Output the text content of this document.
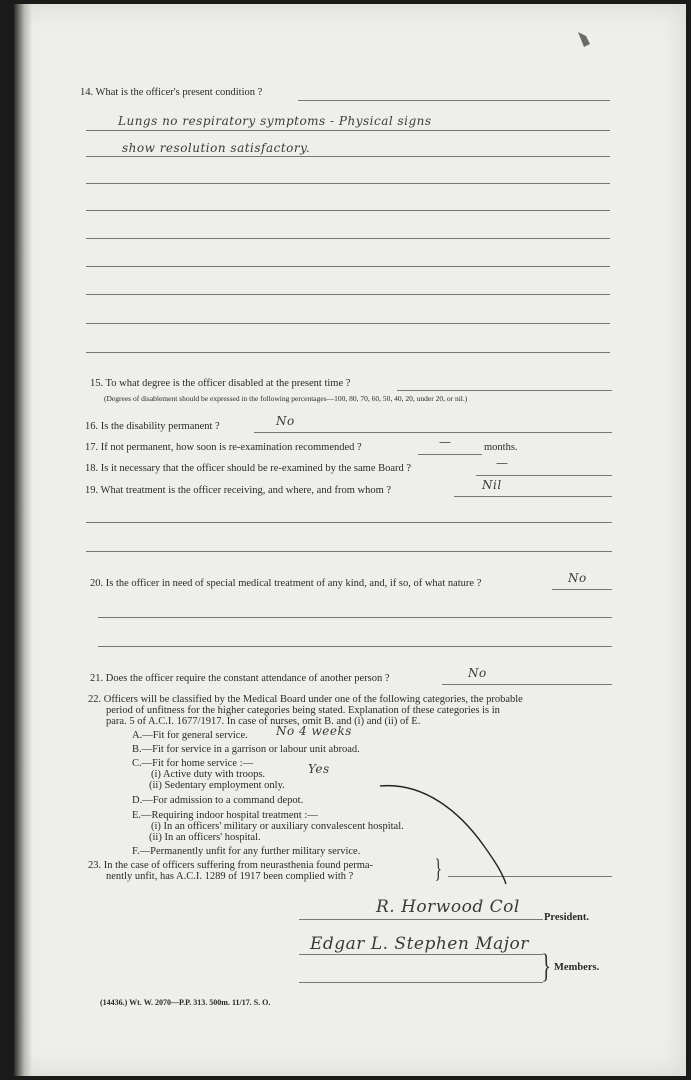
14. What is the officer's present condition ?
Lungs no respiratory symptoms - Physical signs
show resolution satisfactory.
15. To what degree is the officer disabled at the present time ?
(Degrees of disablement should be expressed in the following percentages—100, 80, 70, 60, 50, 40, 20, under 20, or nil.)
16. Is the disability permanent ?	No
17. If not permanent, how soon is re-examination recommended ?	—	months.
18. Is it necessary that the officer should be re-examined by the same Board ?	—
19. What treatment is the officer receiving, and where, and from whom ?	Nil
20. Is the officer in need of special medical treatment of any kind, and, if so, of what nature ?	No
21. Does the officer require the constant attendance of another person ?	No
22. Officers will be classified by the Medical Board under one of the following categories, the probable
period of unfitness for the higher categories being stated. Explanation of these categories is in
para. 5 of A.C.I. 1677/1917. In case of nurses, omit B. and (i) and (ii) of E.
A.—Fit for general service. No 4 weeks
B.—Fit for service in a garrison or labour unit abroad.
C.—Fit for home service :—
(i) Active duty with troops.	Yes
(ii) Sedentary employment only.
D.—For admission to a command depot.
E.—Requiring indoor hospital treatment :—
(i) In an officers' military or auxiliary convalescent hospital.
(ii) In an officers' hospital.
F.—Permanently unfit for any further military service.
23. In the case of officers suffering from neurasthenia found perma-
nently unfit, has A.C.I. 1289 of 1917 been complied with ?	}
R. Horwood Col
President.
Edgar L. Stephen Major
} Members.
(14436.) Wt. W. 2070—P.P. 313. 500m. 11/17. S. O.
